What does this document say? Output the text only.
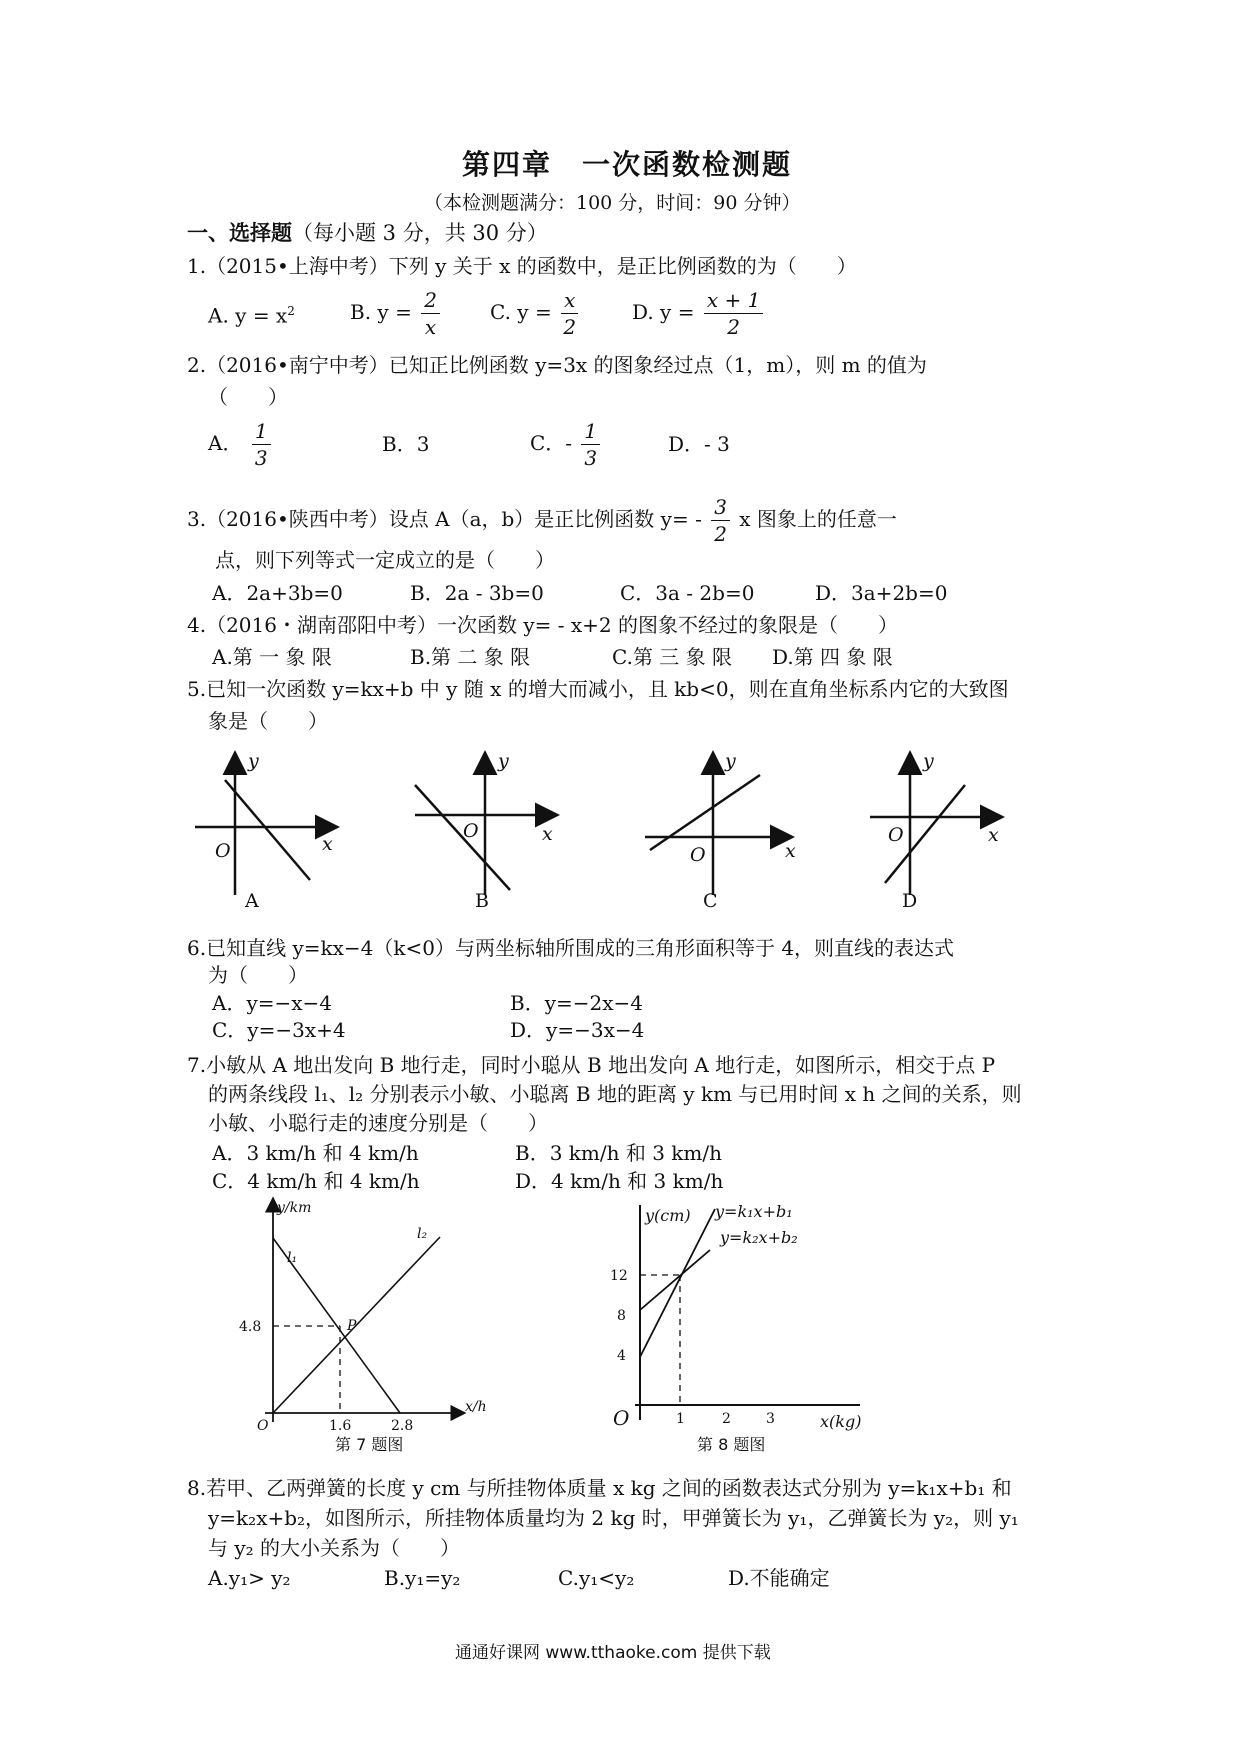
第四章　一次函数检测题
（本检测题满分：100 分，时间：90 分钟）
一、选择题（每小题 3 分，共 30 分）
1.（2015•上海中考）下列 y 关于 x 的函数中，是正比例函数的为（　　）
A. $y = x^2$	B. $y = \frac{2}{x}$	C. $y = \frac{x}{2}$	D. $y = \frac{x + 1}{2}$
2.（2016•南宁中考）已知正比例函数 y=3x 的图象经过点（1，m），则 m 的值为
（　　）
A． $\frac{1}{3}$	B．3	C．- $\frac{1}{3}$	D．- 3
3.（2016•陕西中考）设点 A（a，b）是正比例函数 $y= - \frac{3}{2}$ x 图象上的任意一
点，则下列等式一定成立的是（　　）
A．2a+3b=0	B．2a - 3b=0	C．3a - 2b=0	D．3a+2b=0
4.（2016・湖南邵阳中考）一次函数 y= - x+2 的图象不经过的象限是（　　）
A.第 一 象 限	B.第 二 象 限	C.第 三 象 限 D.第 四 象 限
5.已知一次函数 y=kx+b 中 y 随 x 的增大而减小，且 kb<0，则在直角坐标系内它的大致图
象是（　　）
y
x
O
A
y
x
O
B
y
x
O
C
y
x
O
D
6.已知直线 y=kx−4（k<0）与两坐标轴所围成的三角形面积等于 4，则直线的表达式
为（　　）
A．y=−x−4	B．y=−2x−4
C．y=−3x+4	D．y=−3x−4
7.小敏从 A 地出发向 B 地行走，同时小聪从 B 地出发向 A 地行走，如图所示，相交于点 P
的两条线段 l₁、l₂ 分别表示小敏、小聪离 B 地的距离 y km 与已用时间 x h 之间的关系，则
小敏、小聪行走的速度分别是（　　）
A．3 km/h 和 4 km/h	B．3 km/h 和 3 km/h
C．4 km/h 和 4 km/h	D．4 km/h 和 3 km/h
y/km
x/h
O
l₁
l₂
P
4.8
1.6	2.8
第 7 题图
y(cm)
x(kg)
O
y=k₁x+b₁
y=k₂x+b₂
12
8
4
1	2	3
第 8 题图
8.若甲、乙两弹簧的长度 y cm 与所挂物体质量 x kg 之间的函数表达式分别为 y=k₁x+b₁ 和
y=k₂x+b₂，如图所示，所挂物体质量均为 2 kg 时，甲弹簧长为 y₁，乙弹簧长为 y₂，则 y₁
与 y₂ 的大小关系为（　　）
A.y₁> y₂	B.y₁=y₂	C.y₁<y₂	D.不能确定
通通好课网 www.tthaoke.com 提供下载
